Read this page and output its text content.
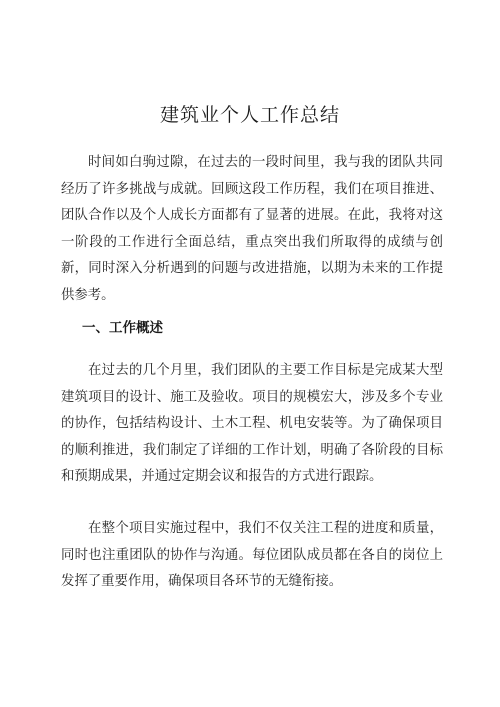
建筑业个人工作总结

时间如白驹过隙，在过去的一段时间里，我与我的团队共同经历了许多挑战与成就。回顾这段工作历程，我们在项目推进、团队合作以及个人成长方面都有了显著的进展。在此，我将对这一阶段的工作进行全面总结，重点突出我们所取得的成绩与创新，同时深入分析遇到的问题与改进措施，以期为未来的工作提供参考。

一、工作概述

在过去的几个月里，我们团队的主要工作目标是完成某大型建筑项目的设计、施工及验收。项目的规模宏大，涉及多个专业的协作，包括结构设计、土木工程、机电安装等。为了确保项目的顺利推进，我们制定了详细的工作计划，明确了各阶段的目标和预期成果，并通过定期会议和报告的方式进行跟踪。

在整个项目实施过程中，我们不仅关注工程的进度和质量，同时也注重团队的协作与沟通。每位团队成员都在各自的岗位上发挥了重要作用，确保项目各环节的无缝衔接。
